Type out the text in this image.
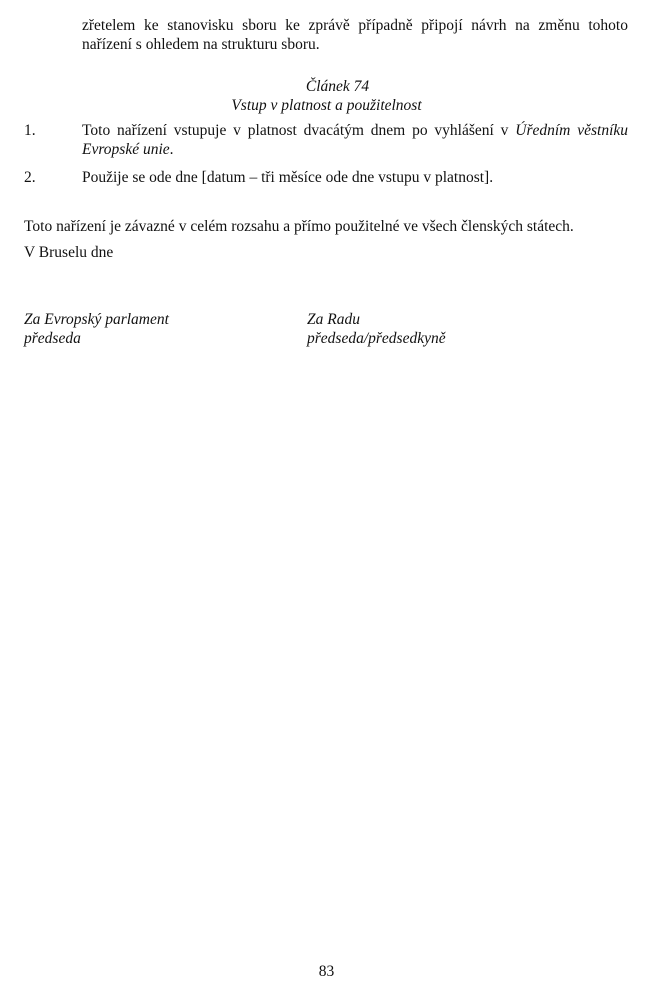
zřetelem ke stanovisku sboru ke zprávě případně připojí návrh na změnu tohoto
nařízení s ohledem na strukturu sboru.
Článek 74
Vstup v platnost a použitelnost
1.	Toto nařízení vstupuje v platnost dvacátým dnem po vyhlášení v Úředním věstníku
Evropské unie.
2.	Použije se ode dne [datum – tři měsíce ode dne vstupu v platnost].
Toto nařízení je závazné v celém rozsahu a přímo použitelné ve všech členských státech.
V Bruselu dne
Za Evropský parlament
předseda
Za Radu
předseda/předsedkyně
83
